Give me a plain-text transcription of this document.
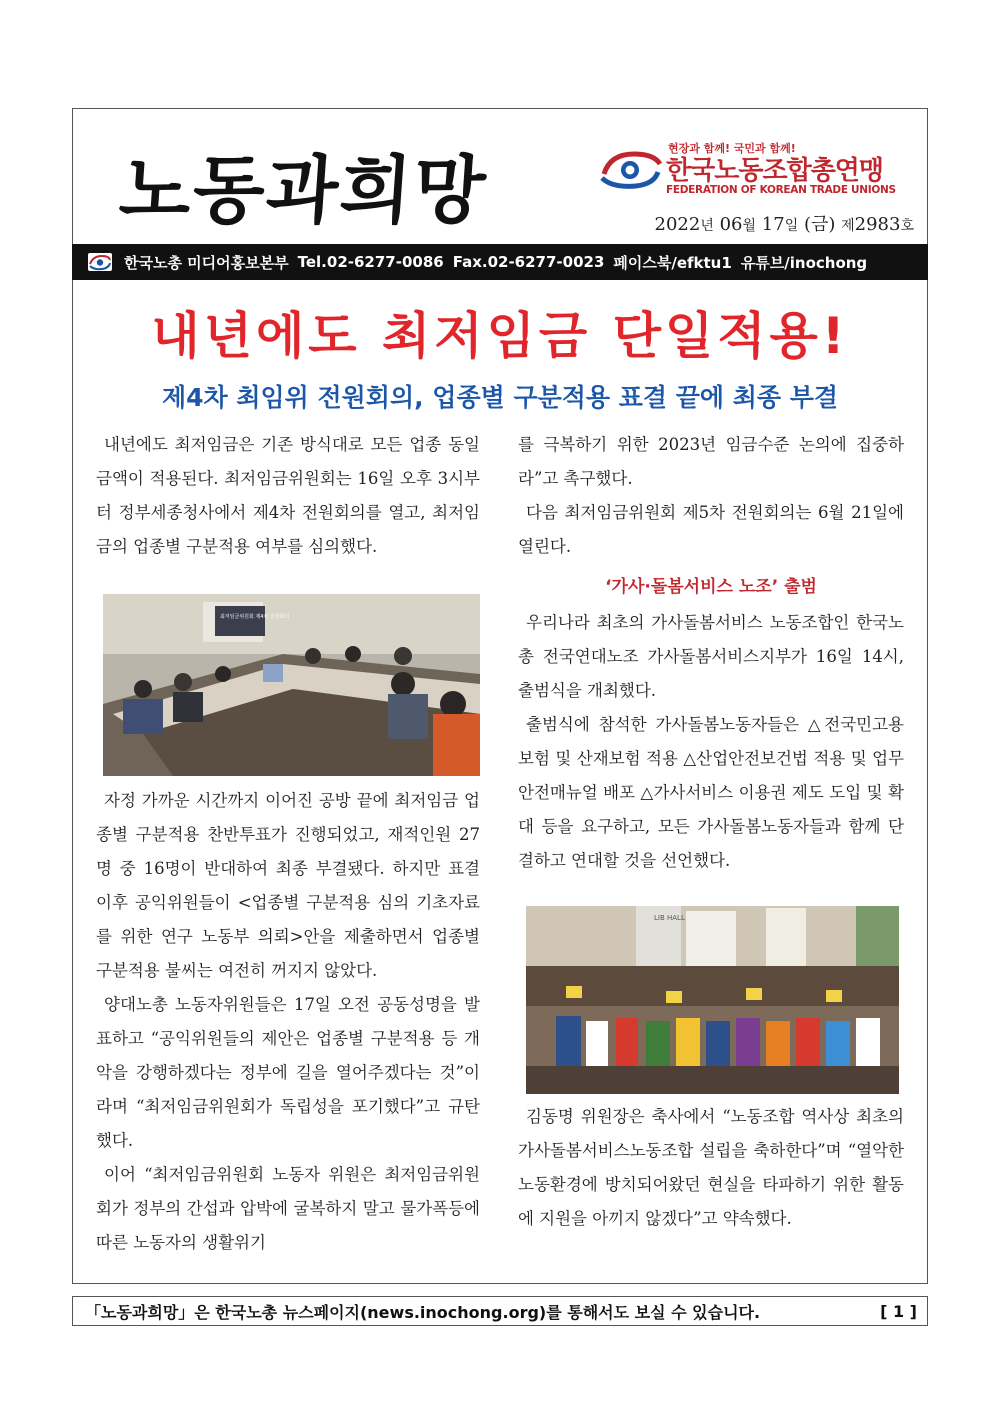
노동과희망	현장과 함께! 국민과 함께!
한국노동조합총연맹
FEDERATION OF KOREAN TRADE UNIONS
2022년 06월 17일 (금) 제2983호
한국노총 미디어홍보본부 Tel.02-6277-0086 Fax.02-6277-0023 페이스북/efktu1 유튜브/inochong
내년에도 최저임금 단일적용!
제4차 최임위 전원회의, 업종별 구분적용 표결 끝에 최종 부결

내년에도 최저임금은 기존 방식대로 모든 업종 동일 금액이 적용된다. 최저임금위원회는 16일 오후 3시부터 정부세종청사에서 제4차 전원회의를 열고, 최저임금의 업종별 구분적용 여부를 심의했다.

최저임금위원회 제4차 전원회의

자정 가까운 시간까지 이어진 공방 끝에 최저임금 업종별 구분적용 찬반투표가 진행되었고, 재적인원 27명 중 16명이 반대하여 최종 부결됐다. 하지만 표결 이후 공익위원들이 <업종별 구분적용 심의 기초자료를 위한 연구 노동부 의뢰>안을 제출하면서 업종별 구분적용 불씨는 여전히 꺼지지 않았다.

양대노총 노동자위원들은 17일 오전 공동성명을 발표하고 “공익위원들의 제안은 업종별 구분적용 등 개악을 강행하겠다는 정부에 길을 열어주겠다는 것”이라며 “최저임금위원회가 독립성을 포기했다”고 규탄했다.

이어 “최저임금위원회 노동자 위원은 최저임금위원회가 정부의 간섭과 압박에 굴복하지 말고 물가폭등에 따른 노동자의 생활위기

를 극복하기 위한 2023년 임금수준 논의에 집중하라”고 촉구했다.

다음 최저임금위원회 제5차 전원회의는 6월 21일에 열린다.

‘가사·돌봄서비스 노조’ 출범

우리나라 최초의 가사돌봄서비스 노동조합인 한국노총 전국연대노조 가사돌봄서비스지부가 16일 14시, 출범식을 개최했다.

출범식에 참석한 가사돌봄노동자들은 △전국민고용보험 및 산재보험 적용 △산업안전보건법 적용 및 업무 안전매뉴얼 배포 △가사서비스 이용권 제도 도입 및 확대 등을 요구하고, 모든 가사돌봄노동자들과 함께 단결하고 연대할 것을 선언했다.

LIB HALL

김동명 위원장은 축사에서 “노동조합 역사상 최초의 가사돌봄서비스노동조합 설립을 축하한다”며 “열악한 노동환경에 방치되어왔던 현실을 타파하기 위한 활동에 지원을 아끼지 않겠다”고 약속했다.

「노동과희망」은 한국노총 뉴스페이지(news.inochong.org)를 통해서도 보실 수 있습니다.	[ 1 ]
